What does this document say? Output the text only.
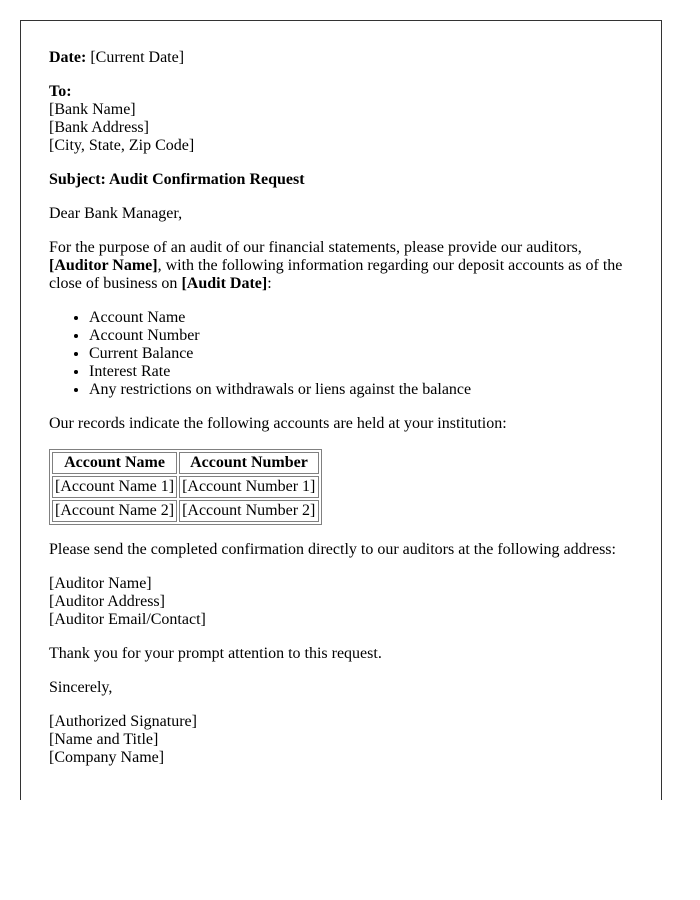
Date: [Current Date]

To:
[Bank Name]
[Bank Address]
[City, State, Zip Code]

Subject: Audit Confirmation Request

Dear Bank Manager,

For the purpose of an audit of our financial statements, please provide our auditors, [Auditor Name], with the following information regarding our deposit accounts as of the close of business on [Audit Date]:

• Account Name
• Account Number
• Current Balance
• Interest Rate
• Any restrictions on withdrawals or liens against the balance

Our records indicate the following accounts are held at your institution:

Account Name	Account Number
[Account Name 1]	[Account Number 1]
[Account Name 2]	[Account Number 2]

Please send the completed confirmation directly to our auditors at the following address:

[Auditor Name]
[Auditor Address]
[Auditor Email/Contact]

Thank you for your prompt attention to this request.

Sincerely,

[Authorized Signature]
[Name and Title]
[Company Name]
